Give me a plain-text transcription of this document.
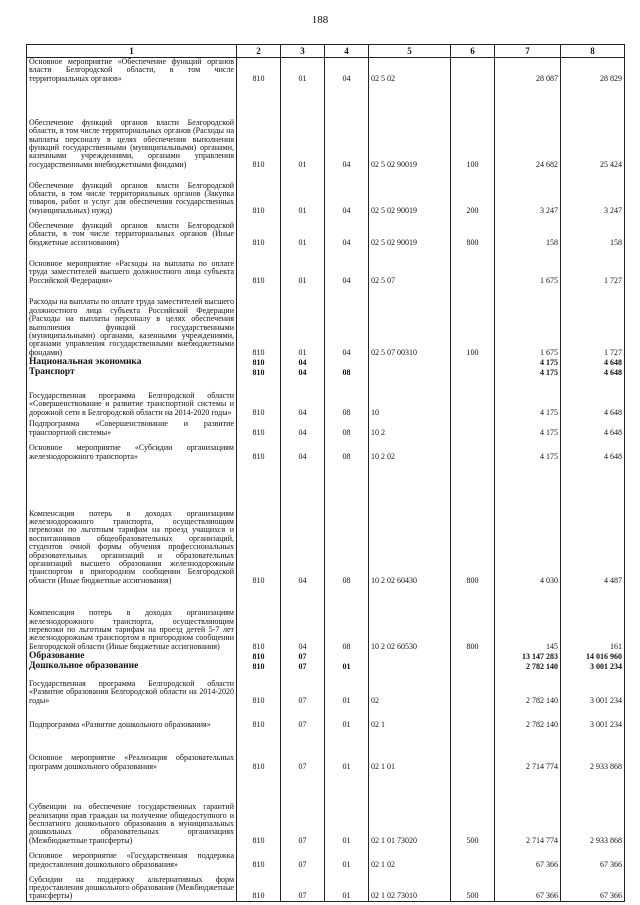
188
1	2	3	4	5	6	7	8
Основное мероприятие «Обеспечение функций органов власти Белгородской области, в том числе территориальных органов»	810	01	04	02 5 02		28 087	28 829
Обеспечение функций органов власти Белгородской области, в том числе территориальных органов (Расходы на выплаты персоналу в целях обеспечения выполнения функций государственными (муниципальными) органами, казенными учреждениями, органами управления государственными внебюджетными фондами)	810	01	04	02 5 02 90019	100	24 682	25 424
Обеспечение функций органов власти Белгородской области, в том числе территориальных органов (Закупка товаров, работ и услуг для обеспечения государственных (муниципальных) нужд)	810	01	04	02 5 02 90019	200	3 247	3 247
Обеспечение функций органов власти Белгородской области, в том числе территориальных органов (Иные бюджетные ассигнования)	810	01	04	02 5 02 90019	800	158	158
Основное мероприятие «Расходы на выплаты по оплате труда заместителей высшего должностного лица субъекта Российской Федерации»	810	01	04	02 5 07		1 675	1 727
Расходы на выплаты по оплате труда заместителей высшего должностного лица субъекта Российской Федерации (Расходы на выплаты персоналу в целях обеспечения выполнения функций государственными (муниципальными) органами, казенными учреждениями, органами управления государственными внебюджетными фондами)	810	01	04	02 5 07 00310	100	1 675	1 727
Национальная экономика	810	04				4 175	4 648
Транспорт	810	04	08			4 175	4 648
Государственная программа Белгородской области «Совершенствование и развитие транспортной системы и дорожной сети в Белгородской области на 2014-2020 годы»	810	04	08	10		4 175	4 648
Подпрограмма «Совершенствование и развитие транспортной системы»	810	04	08	10 2		4 175	4 648
Основное мероприятие «Субсидии организациям железнодорожного транспорта»	810	04	08	10 2 02		4 175	4 648
Компенсация потерь в доходах организациям железнодорожного транспорта, осуществляющим перевозки по льготным тарифам на проезд учащихся и воспитанников общеобразовательных организаций, студентов очной формы обучения профессиональных образовательных организаций и образовательных организаций высшего образования железнодорожным транспортом в пригородном сообщении Белгородской области (Иные бюджетные ассигнования)	810	04	08	10 2 02 60430	800	4 030	4 487
Компенсация потерь в доходах организациям железнодорожного транспорта, осуществляющим перевозки по льготным тарифам на проезд детей 5-7 лет железнодорожным транспортом в пригородном сообщении Белгородской области (Иные бюджетные ассигнования)	810	04	08	10 2 02 60530	800	145	161
Образование	810	07				13 147 283	14 016 960
Дошкольное образование	810	07	01			2 782 140	3 001 234
Государственная программа Белгородской области «Развитие образования Белгородской области на 2014-2020 годы»	810	07	01	02		2 782 140	3 001 234
Подпрограмма «Развитие дошкольного образования»	810	07	01	02 1		2 782 140	3 001 234
Основное мероприятие «Реализация образовательных программ дошкольного образования»	810	07	01	02 1 01		2 714 774	2 933 868
Субвенции на обеспечение государственных гарантий реализации прав граждан на получение общедоступного и бесплатного дошкольного образования в муниципальных дошкольных образовательных организациях (Межбюджетные трансферты)	810	07	01	02 1 01 73020	500	2 714 774	2 933 868
Основное мероприятие «Государственная поддержка предоставления дошкольного образования»	810	07	01	02 1 02		67 366	67 366
Субсидии на поддержку альтернативных форм предоставления дошкольного образования (Межбюджетные трансферты)	810	07	01	02 1 02 73010	500	67 366	67 366
